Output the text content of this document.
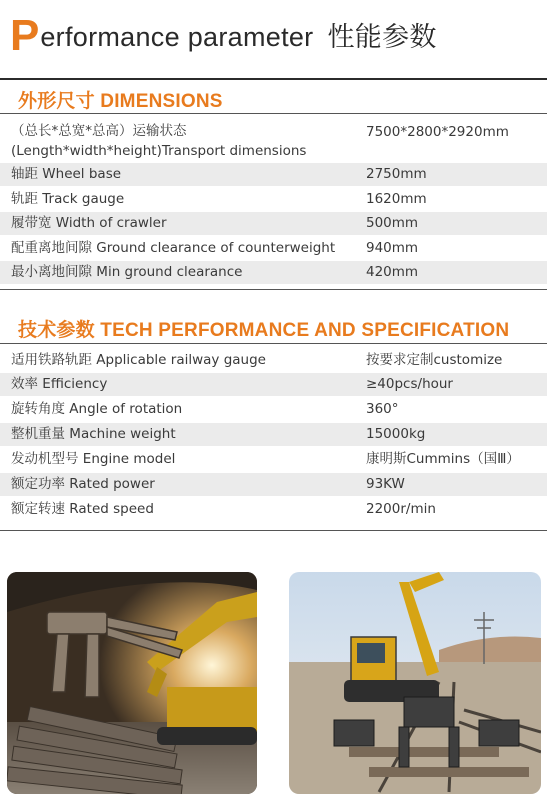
P erformance parameter 性能参数
外形尺寸 DIMENSIONS
（总长*总宽*总高）运输状态
(Length*width*height)Transport dimensions
7500*2800*2920mm
轴距 Wheel base	2750mm
轨距 Track gauge	1620mm
履带宽 Width of crawler	500mm
配重离地间隙 Ground clearance of counterweight 940mm
最小离地间隙 Min ground clearance	420mm
技术参数 TECH PERFORMANCE AND SPECIFICATION
适用铁路轨距 Applicable railway gauge	按要求定制customize
效率 Efficiency	≥40pcs/hour
旋转角度 Angle of rotation	360°
整机重量 Machine weight	15000kg
发动机型号 Engine model	康明斯Cummins（国Ⅲ）
额定功率 Rated power	93KW
额定转速 Rated speed	2200r/min
